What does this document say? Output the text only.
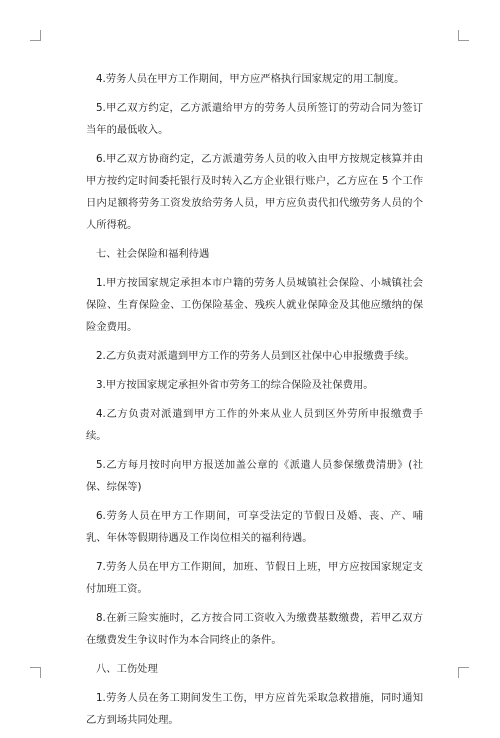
4.劳务人员在甲方工作期间，甲方应严格执行国家规定的用工制度。

5.甲乙双方约定，乙方派遣给甲方的劳务人员所签订的劳动合同为签订当年的最低收入。

6.甲乙双方协商约定，乙方派遣劳务人员的收入由甲方按规定核算并由甲方按约定时间委托银行及时转入乙方企业银行账户，乙方应在 5 个工作日内足额将劳务工资发放给劳务人员，甲方应负责代扣代缴劳务人员的个人所得税。

七、社会保险和福利待遇

1.甲方按国家规定承担本市户籍的劳务人员城镇社会保险、小城镇社会保险、生育保险金、工伤保险基金、残疾人就业保障金及其他应缴纳的保险金费用。

2.乙方负责对派遣到甲方工作的劳务人员到区社保中心申报缴费手续。

3.甲方按国家规定承担外省市劳务工的综合保险及社保费用。

4.乙方负责对派遣到甲方工作的外来从业人员到区外劳所申报缴费手续。

5.乙方每月按时向甲方报送加盖公章的《派遣人员参保缴费清册》(社保、综保等)

6.劳务人员在甲方工作期间，可享受法定的节假日及婚、丧、产、哺乳、年休等假期待遇及工作岗位相关的福利待遇。

7.劳务人员在甲方工作期间，加班、节假日上班，甲方应按国家规定支付加班工资。

8.在新三险实施时，乙方按合同工资收入为缴费基数缴费，若甲乙双方在缴费发生争议时作为本合同终止的条件。

八、工伤处理

1.劳务人员在务工期间发生工伤，甲方应首先采取急救措施，同时通知乙方到场共同处理。
